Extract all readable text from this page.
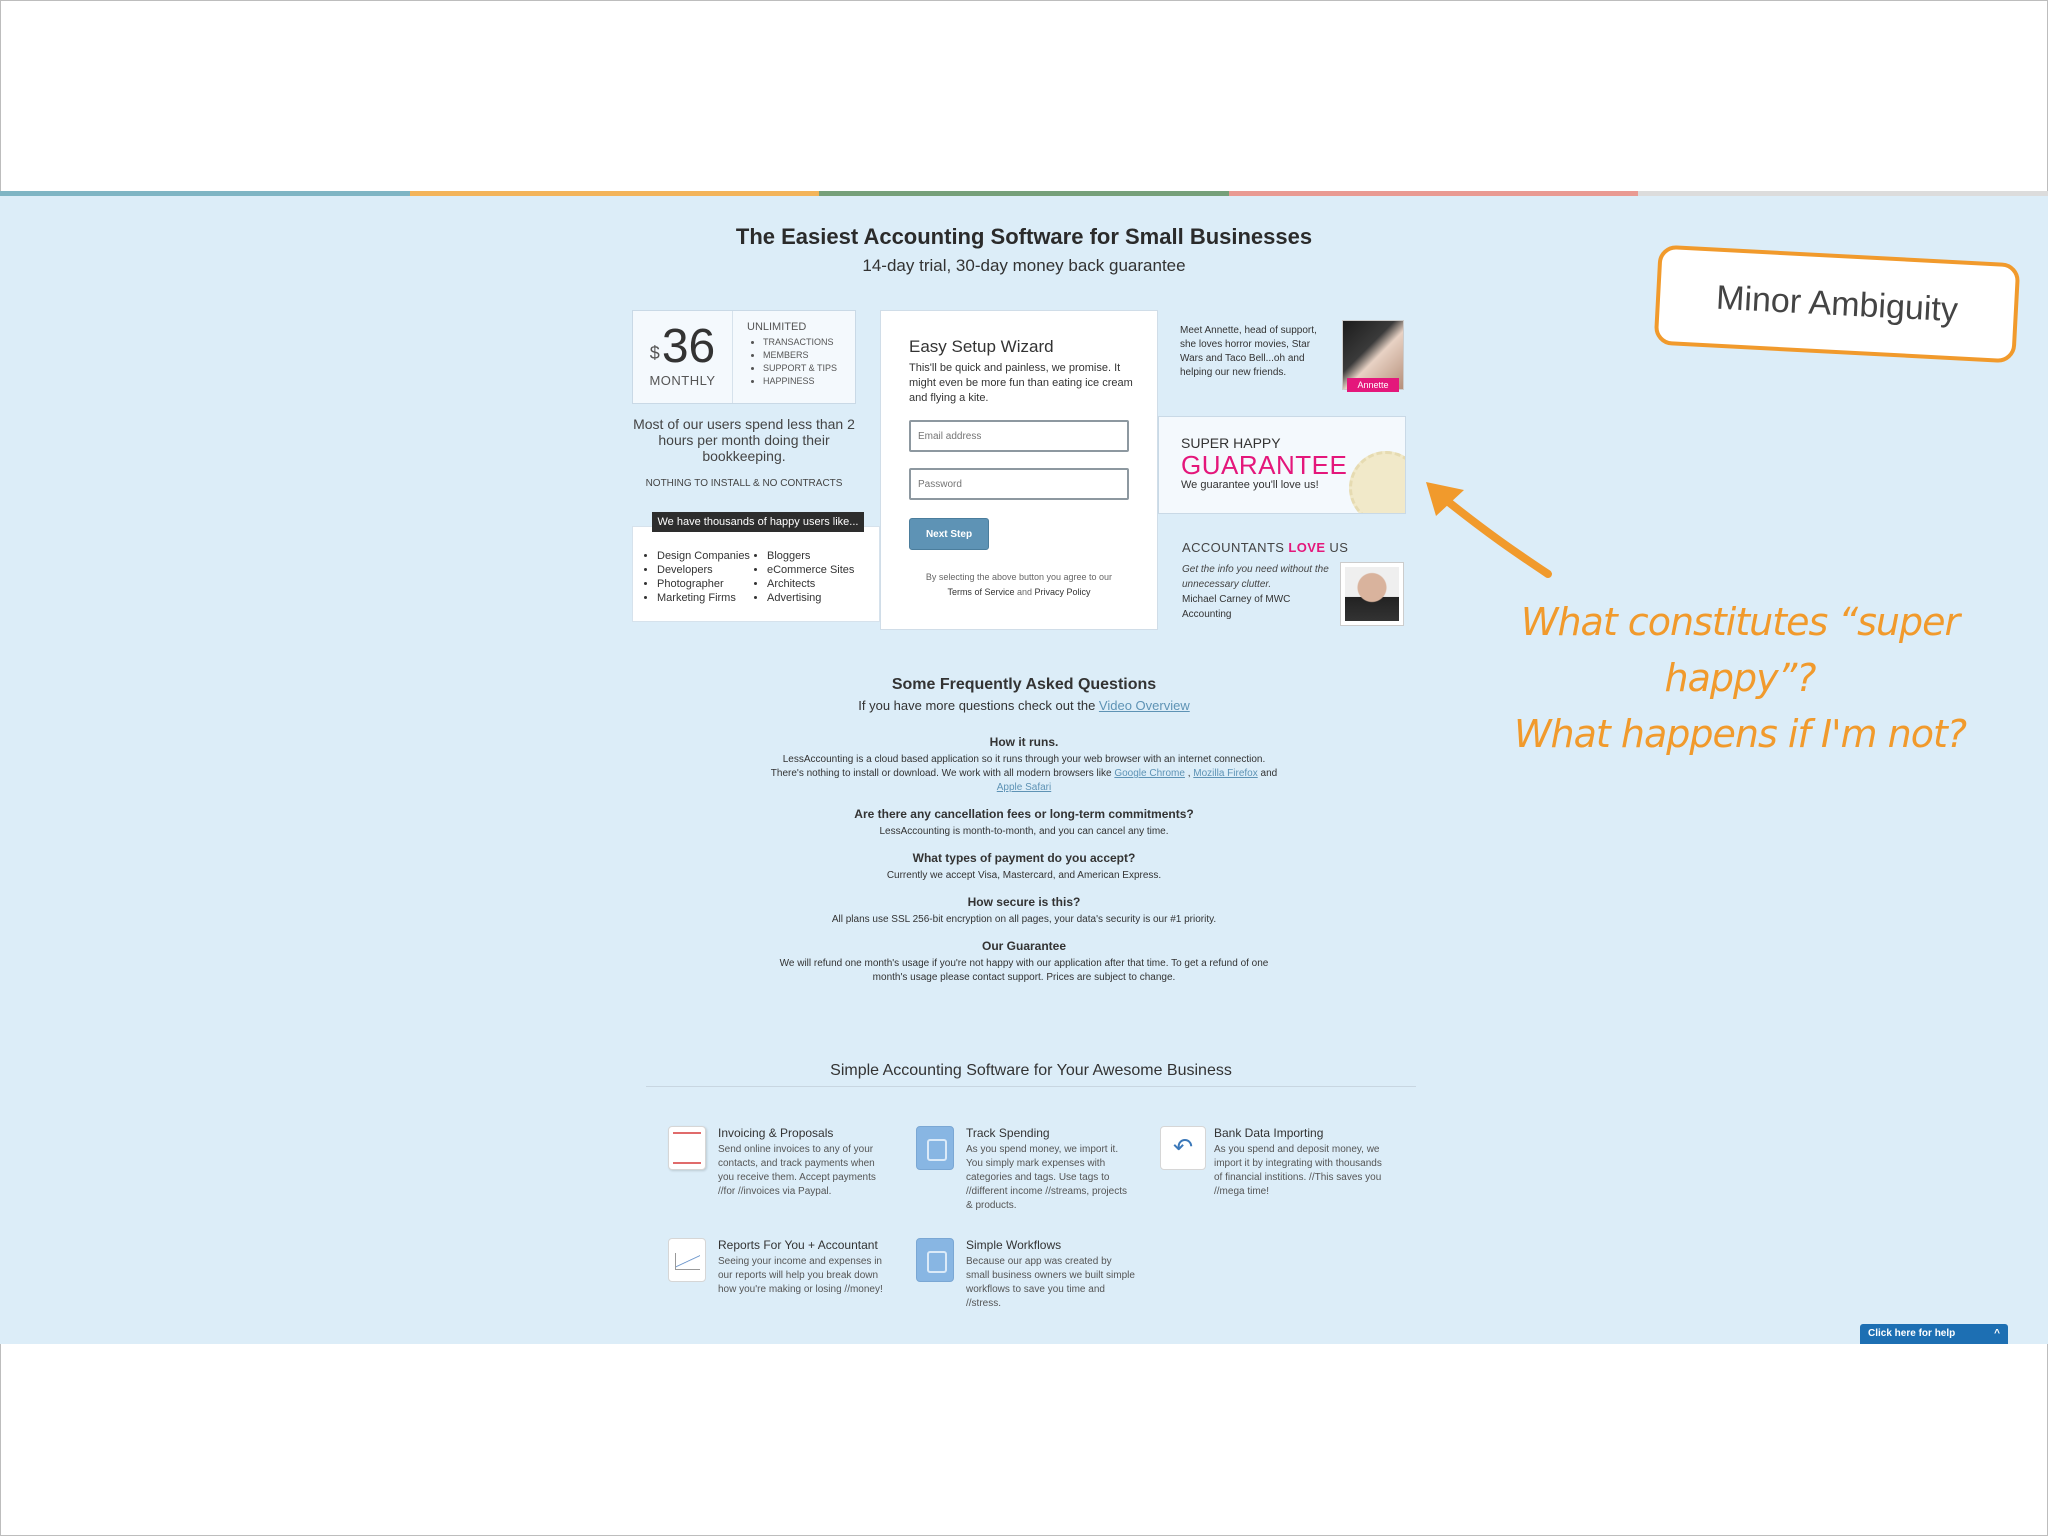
The Easiest Accounting Software for Small Businesses
14-day trial, 30-day money back guarantee
$ 36
MONTHLY
UNLIMITED
• TRANSACTIONS
• MEMBERS
• SUPPORT & TIPS
• HAPPINESS
Most of our users spend less than 2 hours per month doing their bookkeeping.
NOTHING TO INSTALL & NO CONTRACTS
• Design Companies
• Developers
• Photographer
• Marketing Firms
• Bloggers
• eCommerce Sites
• Architects
• Advertising
We have thousands of happy users like...
Easy Setup Wizard

This'll be quick and painless, we promise. It might even be more fun than eating ice cream and flying a kite.

Email address
Next Step
By selecting the above button you agree to our
Terms of Service and Privacy Policy
Meet Annette, head of support, she loves horror movies, Star Wars and Taco Bell...oh and helping our new friends.
Annette
SUPER HAPPY
GUARANTEE
We guarantee you'll love us!
ACCOUNTANTS LOVE US
Get the info you need without the unnecessary clutter.
Michael Carney of MWC Accounting
Some Frequently Asked Questions
If you have more questions check out the Video Overview
How it runs.
LessAccounting is a cloud based application so it runs through your web browser with an internet connection. There's nothing to install or download. We work with all modern browsers like Google Chrome , Mozilla Firefox and Apple Safari
Are there any cancellation fees or long-term commitments?
LessAccounting is month-to-month, and you can cancel any time.
What types of payment do you accept?
Currently we accept Visa, Mastercard, and American Express.
How secure is this?
All plans use SSL 256-bit encryption on all pages, your data's security is our #1 priority.
Our Guarantee
We will refund one month's usage if you're not happy with our application after that time. To get a refund of one month's usage please contact support. Prices are subject to change.
Simple Accounting Software for Your Awesome Business
Invoicing & Proposals

Send online invoices to any of your contacts, and track payments when you receive them. Accept payments //for //invoices via Paypal.

Track Spending

As you spend money, we import it. You simply mark expenses with categories and tags. Use tags to //different income //streams, projects & products.

↶
Bank Data Importing

As you spend and deposit money, we import it by integrating with thousands of financial institions. //This saves you //mega time!

Reports For You + Accountant

Seeing your income and expenses in our reports will help you break down how you're making or losing //money!

Simple Workflows

Because our app was created by small business owners we built simple workflows to save you time and //stress.

Click here for help	^
Minor Ambiguity
What constitutes “super happy”?
What happens if I'm not?
